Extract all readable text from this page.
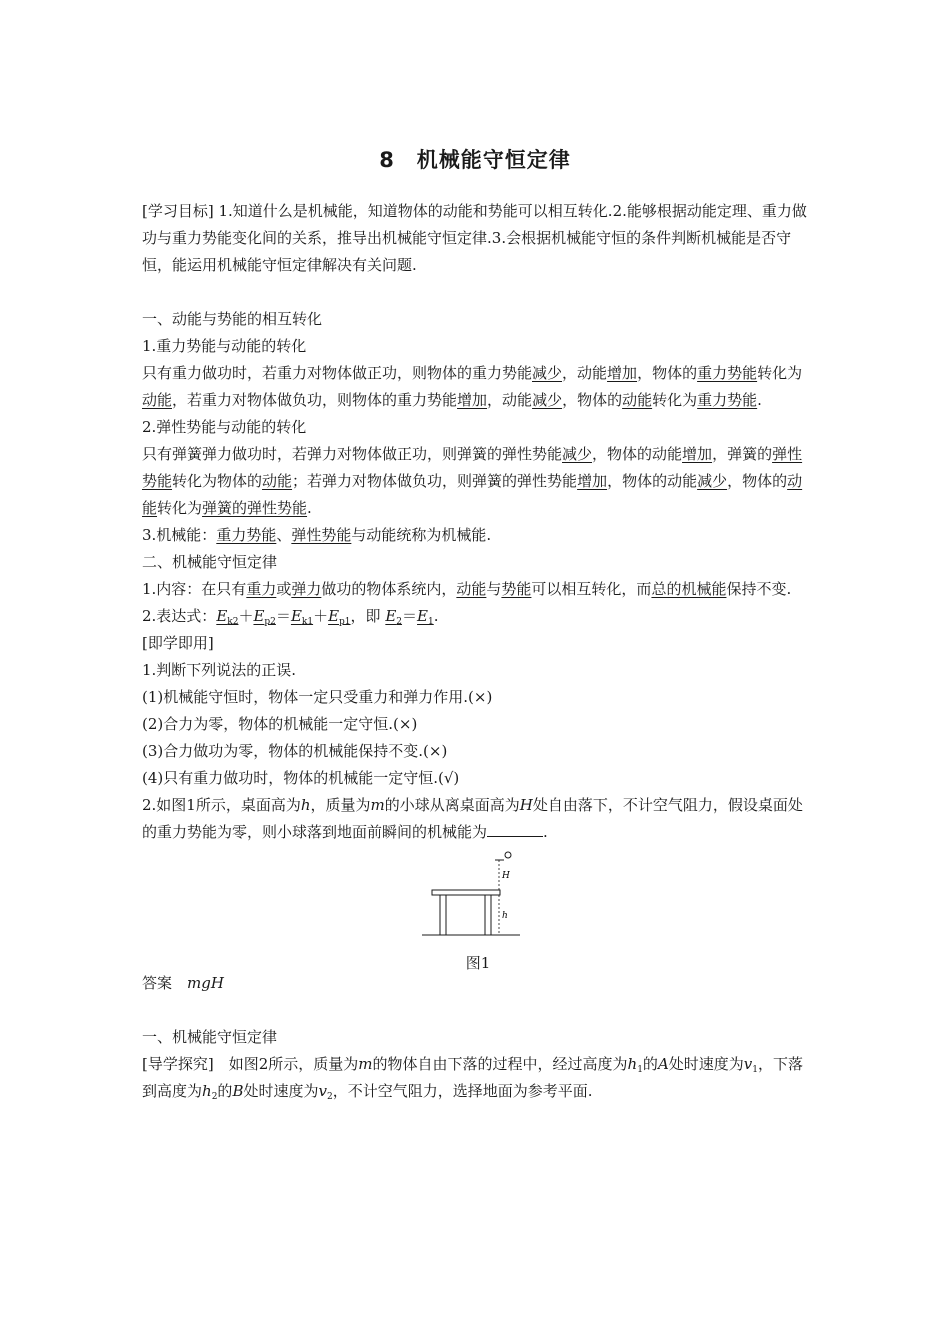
8　机械能守恒定律

[学习目标] 1.知道什么是机械能，知道物体的动能和势能可以相互转化.2.能够根据动能定理、重力做功与重力势能变化间的关系，推导出机械能守恒定律.3.会根据机械能守恒的条件判断机械能是否守恒，能运用机械能守恒定律解决有关问题.

一、动能与势能的相互转化

1.重力势能与动能的转化

只有重力做功时，若重力对物体做正功，则物体的重力势能减少，动能增加，物体的重力势能转化为动能，若重力对物体做负功，则物体的重力势能增加，动能减少，物体的动能转化为重力势能.

2.弹性势能与动能的转化

只有弹簧弹力做功时，若弹力对物体做正功，则弹簧的弹性势能减少，物体的动能增加，弹簧的弹性势能转化为物体的动能；若弹力对物体做负功，则弹簧的弹性势能增加，物体的动能减少，物体的动能转化为弹簧的弹性势能.

3.机械能：重力势能、弹性势能与动能统称为机械能.

二、机械能守恒定律

1.内容：在只有重力或弹力做功的物体系统内，动能与势能可以相互转化，而总的机械能保持不变.

2.表达式：$E_{k2}+E_{p2}=E_{k1}+E_{p1}$，即 $E_2=E_1$.

[即学即用]

1.判断下列说法的正误.

(1)机械能守恒时，物体一定只受重力和弹力作用.(×)

(2)合力为零，物体的机械能一定守恒.(×)

(3)合力做功为零，物体的机械能保持不变.(×)

(4)只有重力做功时，物体的机械能一定守恒.(√)

2.如图1所示，桌面高为h，质量为m的小球从离桌面高为H处自由落下，不计空气阻力，假设桌面处的重力势能为零，则小球落到地面前瞬间的机械能为	.

H
h
图1

答案　 mgH

一、机械能守恒定律

[导学探究]　如图2所示，质量为m的物体自由下落的过程中，经过高度为$h_1$的A处时速度为$v_1$，下落到高度为$h_2$的B处时速度为$v_2$，不计空气阻力，选择地面为参考平面.
